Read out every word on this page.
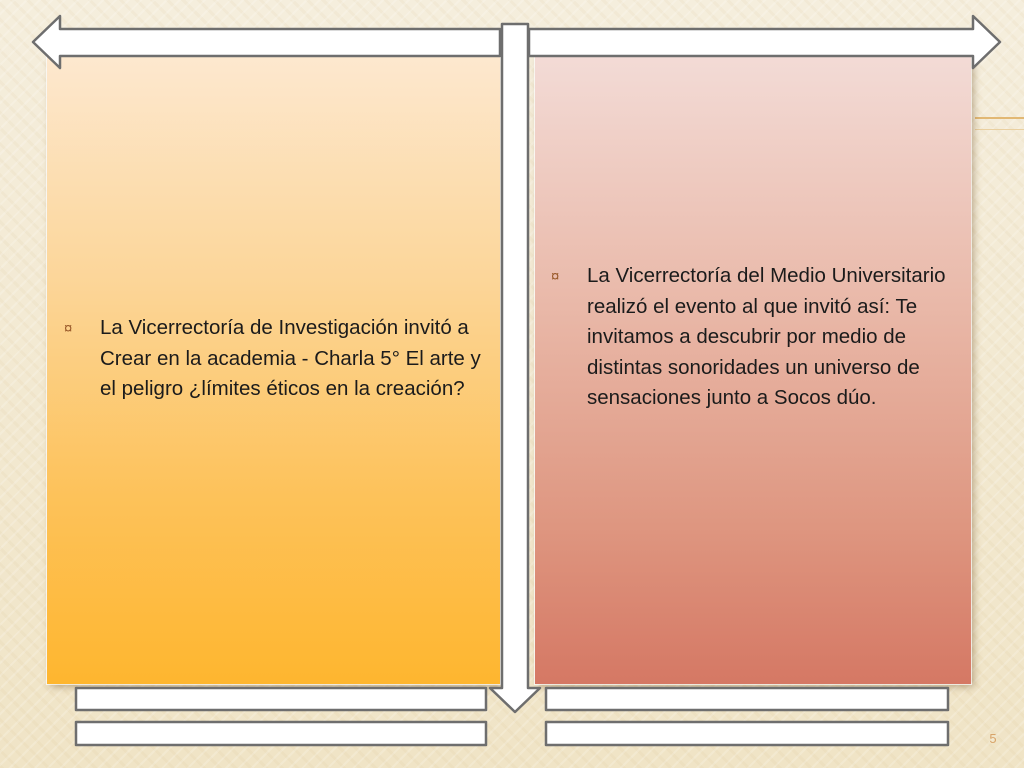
¤	La Vicerrectoría de Investigación invitó a Crear en la academia - Charla 5° El arte y el peligro ¿límites éticos en la creación?
¤	La Vicerrectoría del Medio Universitario realizó el evento al que invitó así: Te invitamos a descubrir por medio de distintas sonoridades un universo de sensaciones junto a Socos dúo.
5
